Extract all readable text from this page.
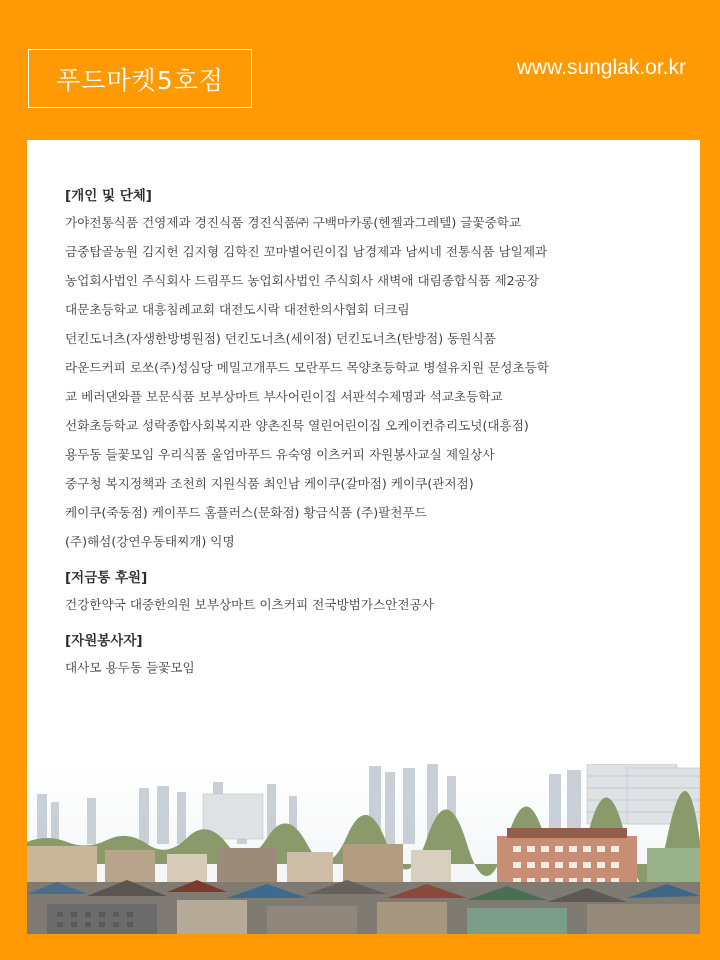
푸드마켓5호점	www.sunglak.or.kr
[개인 및 단체]
가야전통식품 건영제과 경진식품 경진식품㈜ 구백마카롱(헨젤과그레텔) 글꽃중학교
금중탑골농원 김지헌 김지형 김학진 꼬마별어린이집 남경제과 남씨네 전통식품 남일제과
농업회사법인 주식회사 드림푸드 농업회사법인 주식회사 새벽애 대림종합식품 제2공장
대문초등학교 대흥침례교회 대전도시락 대전한의사협회 더크림
던킨도너츠(자생한방병원점) 던킨도너츠(세이점) 던킨도너츠(탄방점) 동원식품
라운드커피 로쏘(주)성심당 메밀고개푸드 모란푸드 목양초등학교 병설유치원 문성초등학
교 베러댄와플 보문식품 보부상마트 부사어린이집 서판석수제명과 석교초등학교
선화초등학교 성락종합사회복지관 양촌진묵 열린어린이집 오케이컨츄리도넛(대흥점)
용두동 들꽃모임 우리식품 울엄마푸드 유숙영 이츠커피 자원봉사교실 제일상사
중구청 복지정책과 조천희 지원식품 최인남 케이쿠(갈마점) 케이쿠(관저점)
케이쿠(죽동점) 케이푸드 홈플러스(문화점) 황금식품 (주)팔천푸드
(주)해섬(강연우동태찌개) 익명
[저금통 후원]
건강한약국 대중한의원 보부상마트 이츠커피 전국방범가스안전공사
[자원봉사자]
대사모 용두동 들꽃모임
